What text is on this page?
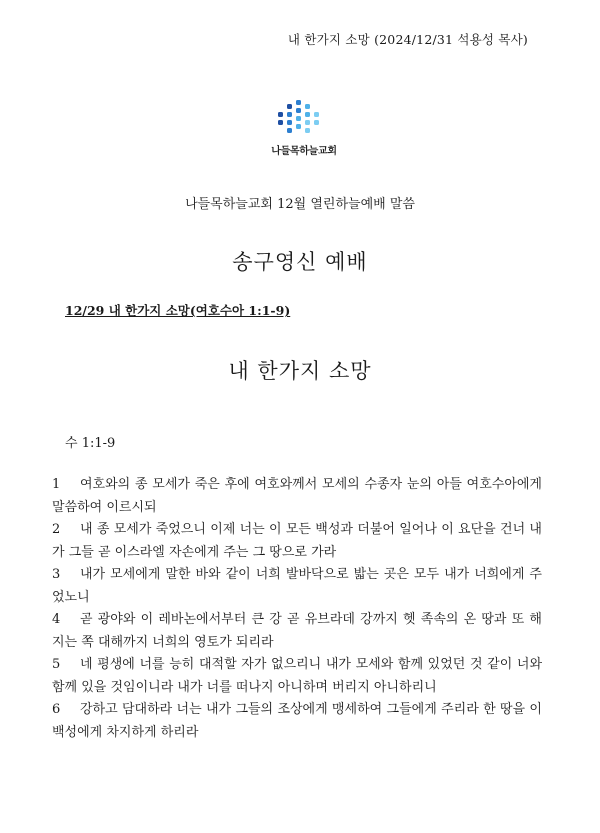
내 한가지 소망 (2024/12/31 석용성 목사)
나들목하늘교회
나들목하늘교회 12월 열린하늘예배 말씀
송구영신 예배
12/29 내 한가지 소망(여호수아 1:1-9)
내 한가지 소망
수 1:1-9

1 여호와의 종 모세가 죽은 후에 여호와께서 모세의 수종자 눈의 아들 여호수아에게 말씀하여 이르시되

2 내 종 모세가 죽었으니 이제 너는 이 모든 백성과 더불어 일어나 이 요단을 건너 내가 그들 곧 이스라엘 자손에게 주는 그 땅으로 가라

3 내가 모세에게 말한 바와 같이 너희 발바닥으로 밟는 곳은 모두 내가 너희에게 주었노니

4 곧 광야와 이 레바논에서부터 큰 강 곧 유브라데 강까지 헷 족속의 온 땅과 또 해 지는 쪽 대해까지 너희의 영토가 되리라

5 네 평생에 너를 능히 대적할 자가 없으리니 내가 모세와 함께 있었던 것 같이 너와 함께 있을 것임이니라 내가 너를 떠나지 아니하며 버리지 아니하리니

6 강하고 담대하라 너는 내가 그들의 조상에게 맹세하여 그들에게 주리라 한 땅을 이 백성에게 차지하게 하리라
